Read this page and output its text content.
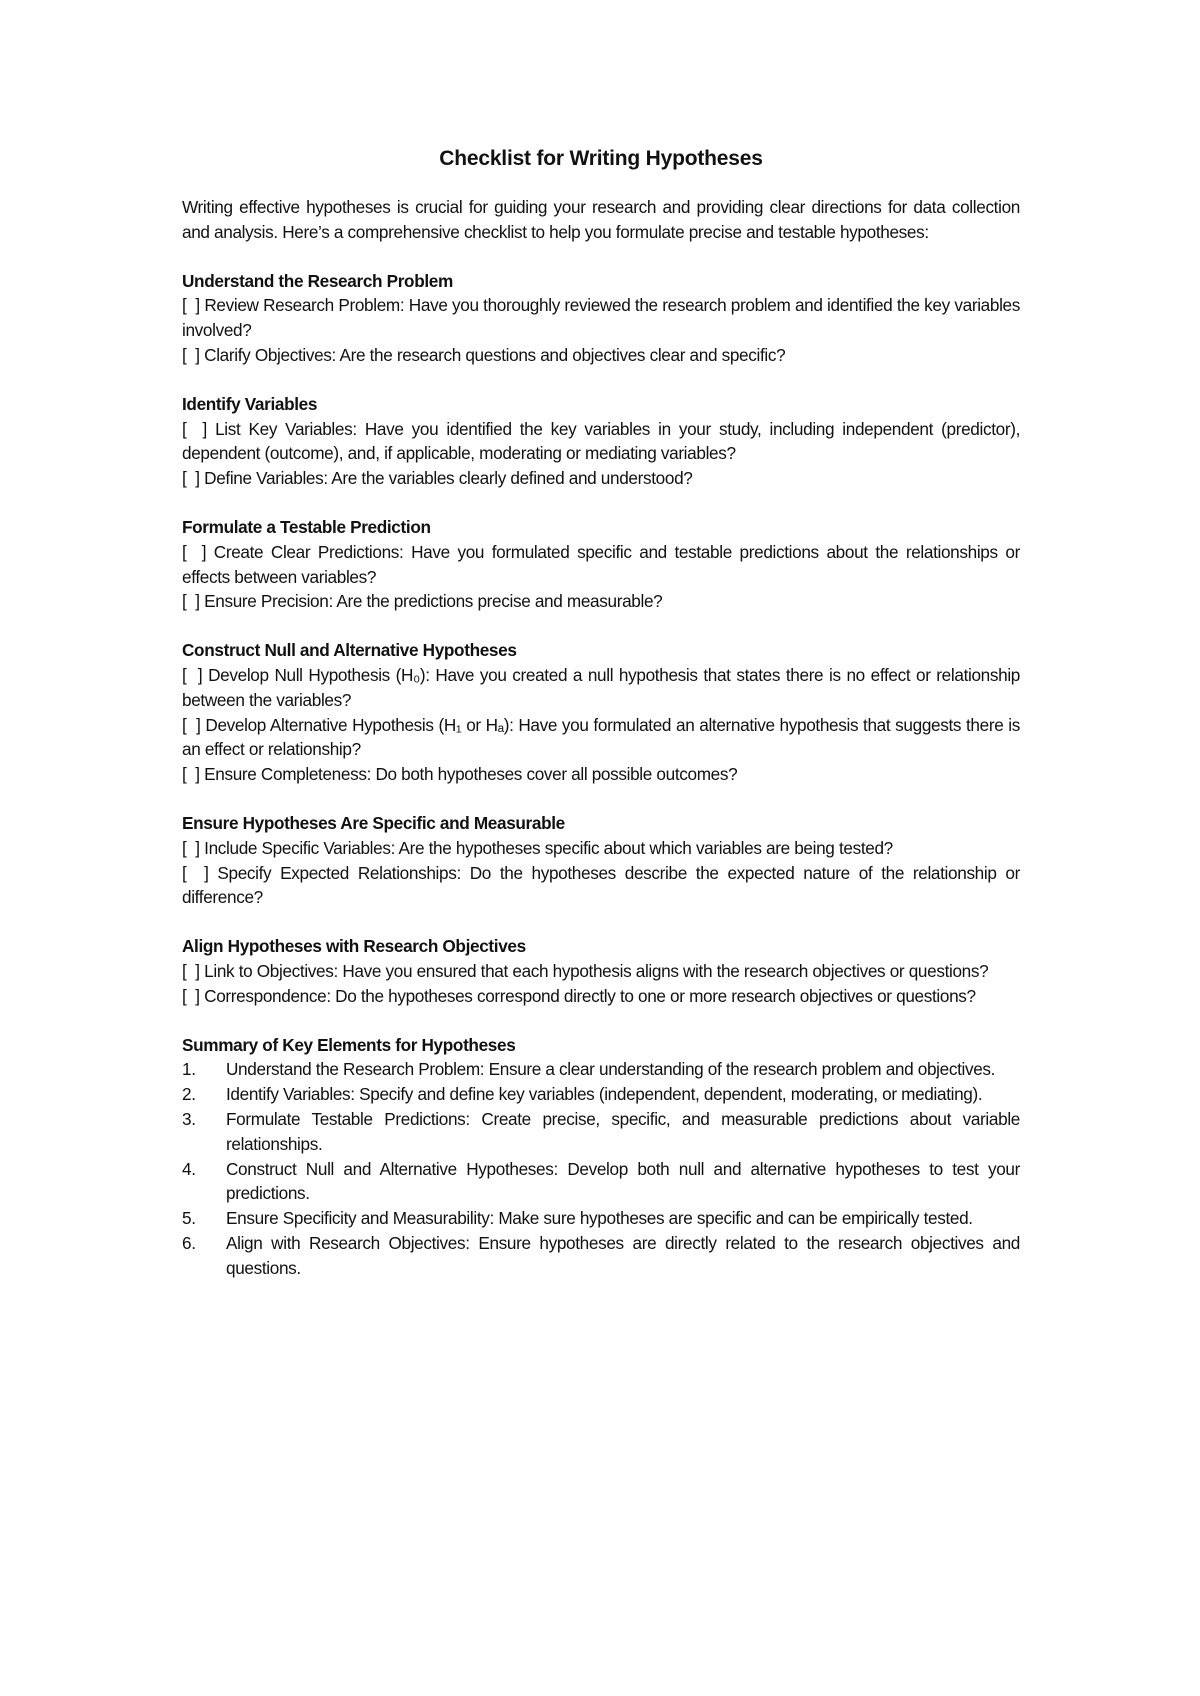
Checklist for Writing Hypotheses
Writing effective hypotheses is crucial for guiding your research and providing clear directions for data collection and analysis. Here’s a comprehensive checklist to help you formulate precise and testable hypotheses:
Understand the Research Problem
[  ] Review Research Problem: Have you thoroughly reviewed the research problem and identified the key variables involved?
[  ] Clarify Objectives: Are the research questions and objectives clear and specific?
Identify Variables
[  ] List Key Variables: Have you identified the key variables in your study, including independent (predictor), dependent (outcome), and, if applicable, moderating or mediating variables?
[  ] Define Variables: Are the variables clearly defined and understood?
Formulate a Testable Prediction
[  ] Create Clear Predictions: Have you formulated specific and testable predictions about the relationships or effects between variables?
[  ] Ensure Precision: Are the predictions precise and measurable?
Construct Null and Alternative Hypotheses
[  ] Develop Null Hypothesis (H₀): Have you created a null hypothesis that states there is no effect or relationship between the variables?
[  ] Develop Alternative Hypothesis (H₁ or Hₐ): Have you formulated an alternative hypothesis that suggests there is an effect or relationship?
[  ] Ensure Completeness: Do both hypotheses cover all possible outcomes?
Ensure Hypotheses Are Specific and Measurable
[  ] Include Specific Variables: Are the hypotheses specific about which variables are being tested?
[  ] Specify Expected Relationships: Do the hypotheses describe the expected nature of the relationship or difference?
Align Hypotheses with Research Objectives
[  ] Link to Objectives: Have you ensured that each hypothesis aligns with the research objectives or questions?
[  ] Correspondence: Do the hypotheses correspond directly to one or more research objectives or questions?
Summary of Key Elements for Hypotheses
1. Understand the Research Problem: Ensure a clear understanding of the research problem and objectives.
2. Identify Variables: Specify and define key variables (independent, dependent, moderating, or mediating).
3. Formulate Testable Predictions: Create precise, specific, and measurable predictions about variable relationships.
4. Construct Null and Alternative Hypotheses: Develop both null and alternative hypotheses to test your predictions.
5. Ensure Specificity and Measurability: Make sure hypotheses are specific and can be empirically tested.
6. Align with Research Objectives: Ensure hypotheses are directly related to the research objectives and questions.
